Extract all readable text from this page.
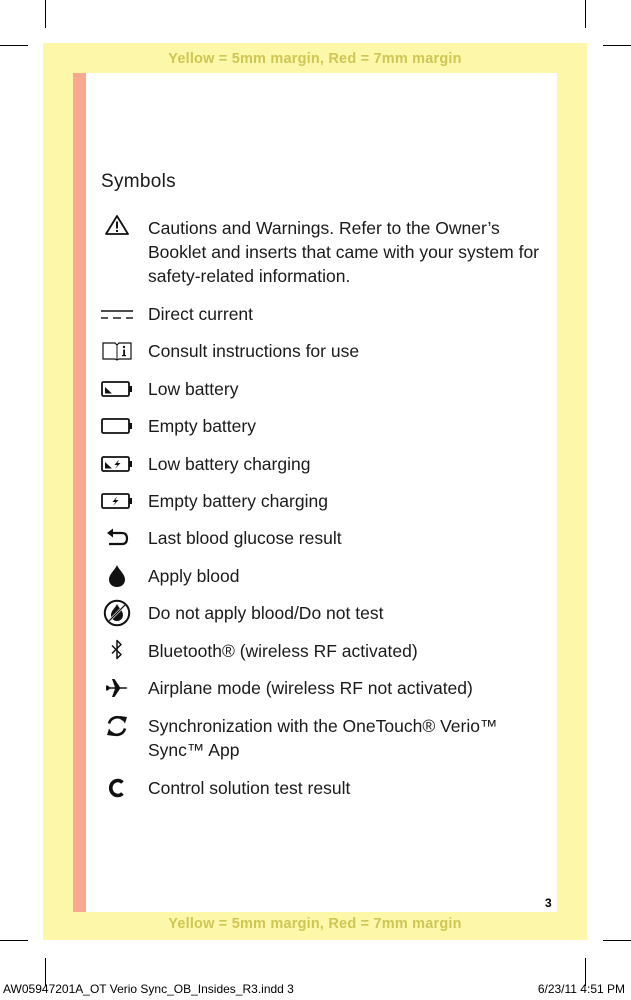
Yellow = 5mm margin, Red = 7mm margin
Yellow = 5mm margin, Red = 7mm margin
Symbols
Cautions and Warnings. Refer to the Owner’s Booklet and inserts that came with your system for safety-related information.
Direct current
Consult instructions for use
Low battery
Empty battery
Low battery charging
Empty battery charging
Last blood glucose result
Apply blood
Do not apply blood/Do not test
Bluetooth® (wireless RF activated)
Airplane mode (wireless RF not activated)
Synchronization with the OneTouch® Verio™ Sync™ App
Control solution test result
3
AW05947201A_OT Verio Sync_OB_Insides_R3.indd 3	6/23/11 4:51 PM
